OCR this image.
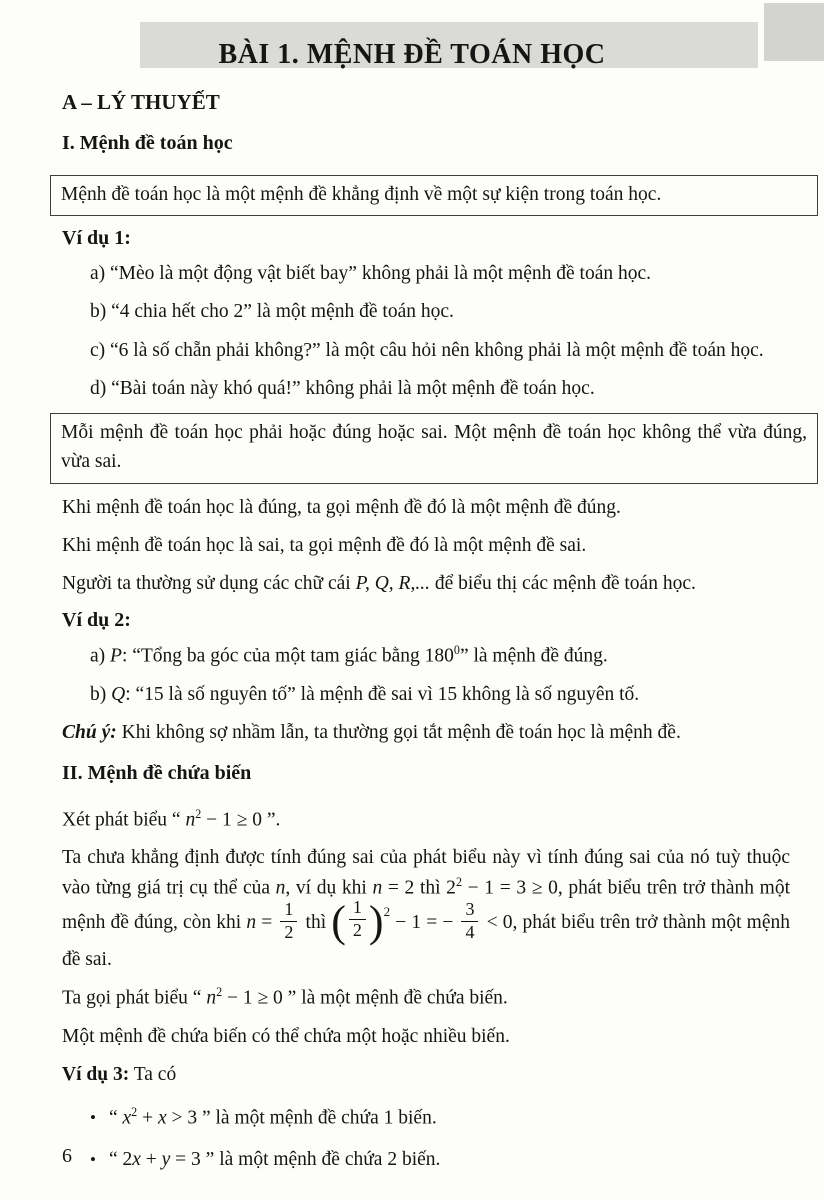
BÀI 1. MỆNH ĐỀ TOÁN HỌC
A – LÝ THUYẾT
I. Mệnh đề toán học
Mệnh đề toán học là một mệnh đề khẳng định về một sự kiện trong toán học.

Ví dụ 1:

a) “Mèo là một động vật biết bay” không phải là một mệnh đề toán học.

b) “4 chia hết cho 2” là một mệnh đề toán học.

c) “6 là số chẵn phải không?” là một câu hỏi nên không phải là một mệnh đề toán học.

d) “Bài toán này khó quá!” không phải là một mệnh đề toán học.

Mỗi mệnh đề toán học phải hoặc đúng hoặc sai. Một mệnh đề toán học không thể vừa đúng, vừa sai.

Khi mệnh đề toán học là đúng, ta gọi mệnh đề đó là một mệnh đề đúng.

Khi mệnh đề toán học là sai, ta gọi mệnh đề đó là một mệnh đề sai.

Người ta thường sử dụng các chữ cái P, Q, R,... để biểu thị các mệnh đề toán học.

Ví dụ 2:

a) P: “Tổng ba góc của một tam giác bằng $180^0$” là mệnh đề đúng.

b) Q: “15 là số nguyên tố” là mệnh đề sai vì 15 không là số nguyên tố.

Chú ý: Khi không sợ nhầm lẫn, ta thường gọi tắt mệnh đề toán học là mệnh đề.

II. Mệnh đề chứa biến

Xét phát biểu “ $n^2 - 1 \ge 0$ ”.

Ta chưa khẳng định được tính đúng sai của phát biểu này vì tính đúng sai của nó tuỳ thuộc vào từng giá trị cụ thể của n, ví dụ khi n = 2 thì $2^2 - 1 = 3 \ge 0$, phát biểu trên trở thành một mệnh đề đúng, còn khi $n = \frac{1}{2}$ thì ( $\frac{1}{2} )^2$
− 1 = − $\frac{3}{4} < 0$, phát biểu trên trở thành một mệnh đề sai.

Ta gọi phát biểu “ $n^2 - 1 \ge 0$ ” là một mệnh đề chứa biến.

Một mệnh đề chứa biến có thể chứa một hoặc nhiều biến.

Ví dụ 3: Ta có

• “ $x^2 + x > 3$ ” là một mệnh đề chứa 1 biến.

• “ 2x + y = 3 ” là một mệnh đề chứa 2 biến.

6
